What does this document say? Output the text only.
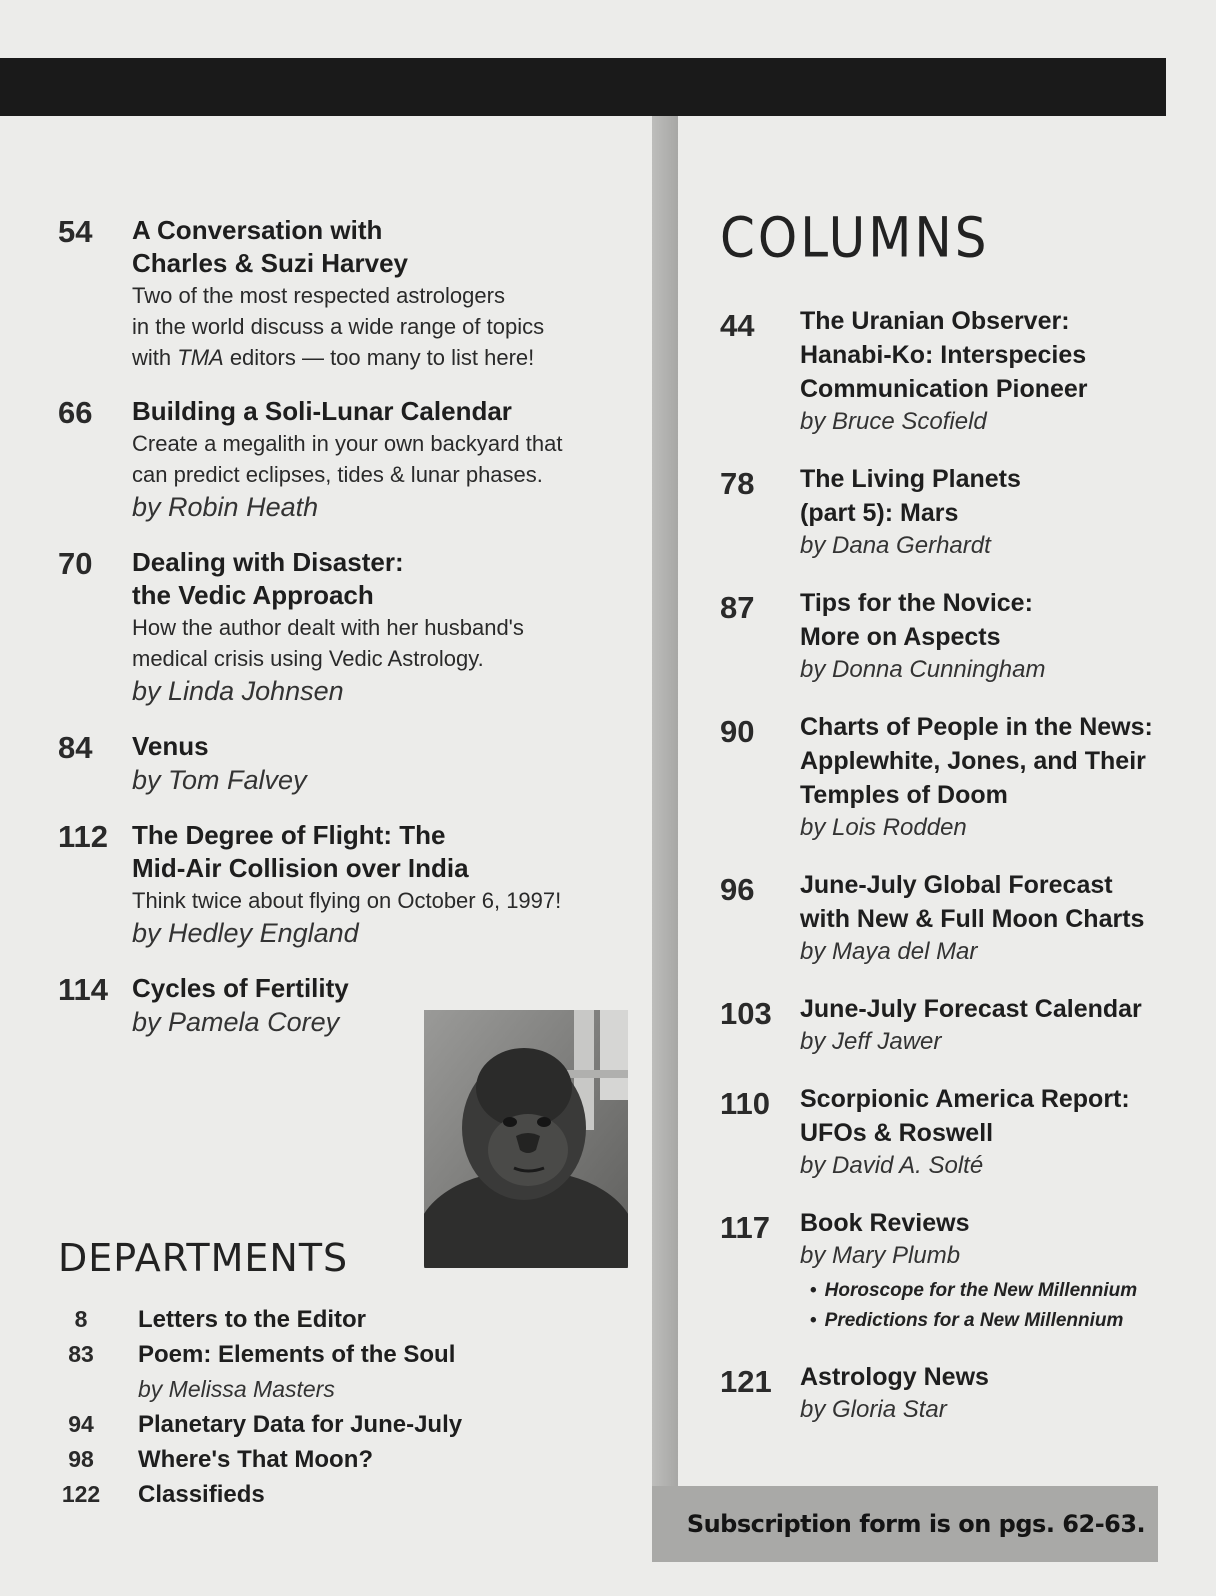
54 A Conversation with
Charles & Suzi Harvey
Two of the most respected astrologers
in the world discuss a wide range of topics
with TMA editors — too many to list here!
66 Building a Soli-Lunar Calendar
Create a megalith in your own backyard that
can predict eclipses, tides & lunar phases.
by Robin Heath
70 Dealing with Disaster:
the Vedic Approach
How the author dealt with her husband's
medical crisis using Vedic Astrology.
by Linda Johnsen
84 Venus
by Tom Falvey
112 The Degree of Flight: The
Mid-Air Collision over India
Think twice about flying on October 6, 1997!
by Hedley England
114 Cycles of Fertility
by Pamela Corey
DEPARTMENTS
8	Letters to the Editor
83	Poem: Elements of the Soul
by Melissa Masters
94	Planetary Data for June-July
98	Where's That Moon?
122 Classifieds
COLUMNS
44 The Uranian Observer:
Hanabi-Ko: Interspecies
Communication Pioneer
by Bruce Scofield
78 The Living Planets
(part 5): Mars
by Dana Gerhardt
87 Tips for the Novice:
More on Aspects
by Donna Cunningham
90 Charts of People in the News:
Applewhite, Jones, and Their
Temples of Doom
by Lois Rodden
96 June-July Global Forecast
with New & Full Moon Charts
by Maya del Mar
103 June-July Forecast Calendar
by Jeff Jawer
110 Scorpionic America Report:
UFOs & Roswell
by David A. Solté
117 Book Reviews
by Mary Plumb
• Horoscope for the New Millennium
• Predictions for a New Millennium
121 Astrology News
by Gloria Star
Subscription form is on pgs. 62-63.
